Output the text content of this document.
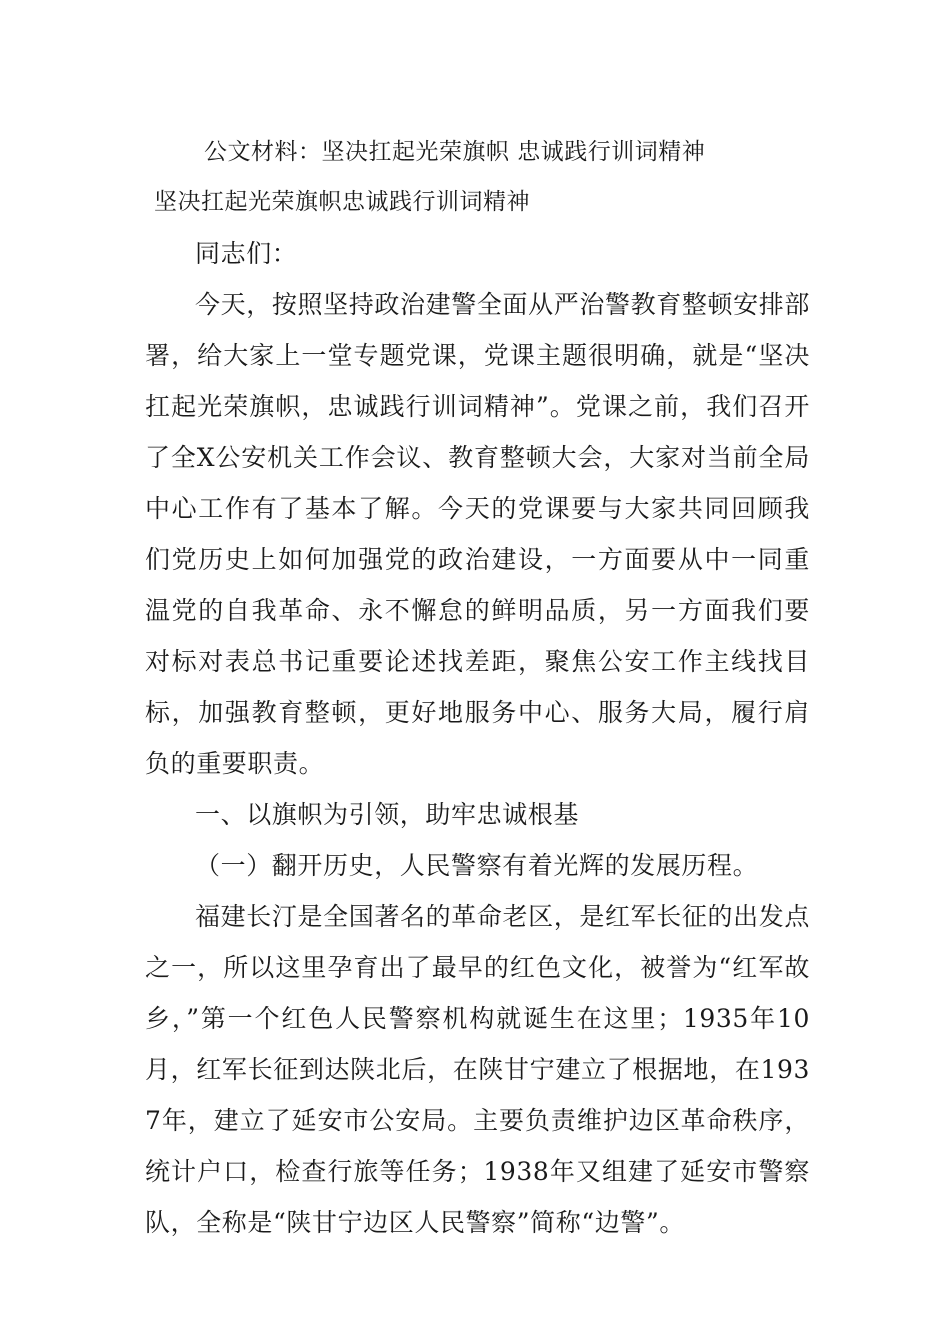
公文材料：坚决扛起光荣旗帜 忠诚践行训词精神
坚决扛起光荣旗帜忠诚践行训词精神

同志们：

今天，按照坚持政治建警全面从严治警教育整顿安排部署，给大家上一堂专题党课，党课主题很明确，就是“坚决扛起光荣旗帜，忠诚践行训词精神”。党课之前，我们召开了全X公安机关工作会议、教育整顿大会，大家对当前全局中心工作有了基本了解。今天的党课要与大家共同回顾我们党历史上如何加强党的政治建设，一方面要从中一同重温党的自我革命、永不懈怠的鲜明品质，另一方面我们要对标对表总书记重要论述找差距，聚焦公安工作主线找目标，加强教育整顿，更好地服务中心、服务大局，履行肩负的重要职责。

一、以旗帜为引领，助牢忠诚根基

（一）翻开历史，人民警察有着光辉的发展历程。

福建长汀是全国著名的革命老区，是红军长征的出发点之一，所以这里孕育出了最早的红色文化，被誉为“红军故乡，”第一个红色人民警察机构就诞生在这里；1935年10月，红军长征到达陕北后，在陕甘宁建立了根据地，在1937年，建立了延安市公安局。主要负责维护边区革命秩序，统计户口，检查行旅等任务；1938年又组建了延安市警察队，全称是“陕甘宁边区人民警察”简称“边警”。
